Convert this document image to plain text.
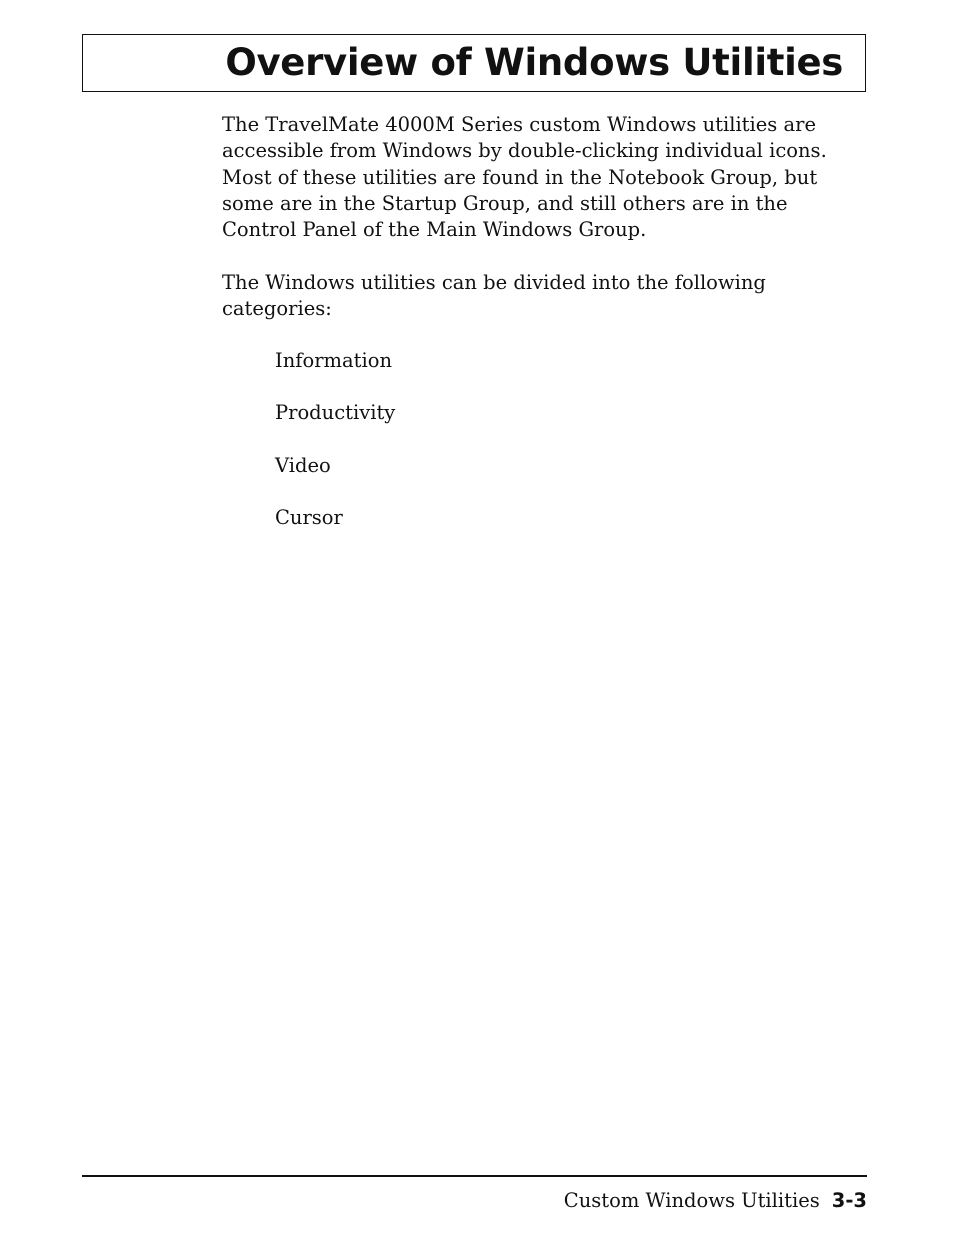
Overview of Windows Utilities

The TravelMate 4000M Series custom Windows utilities are accessible from Windows by double-clicking individual icons. Most of these utilities are found in the Notebook Group, but some are in the Startup Group, and still others are in the Control Panel of the Main Windows Group.

The Windows utilities can be divided into the following categories:

Information
Productivity
Video
Cursor
Custom Windows Utilities 3-3
